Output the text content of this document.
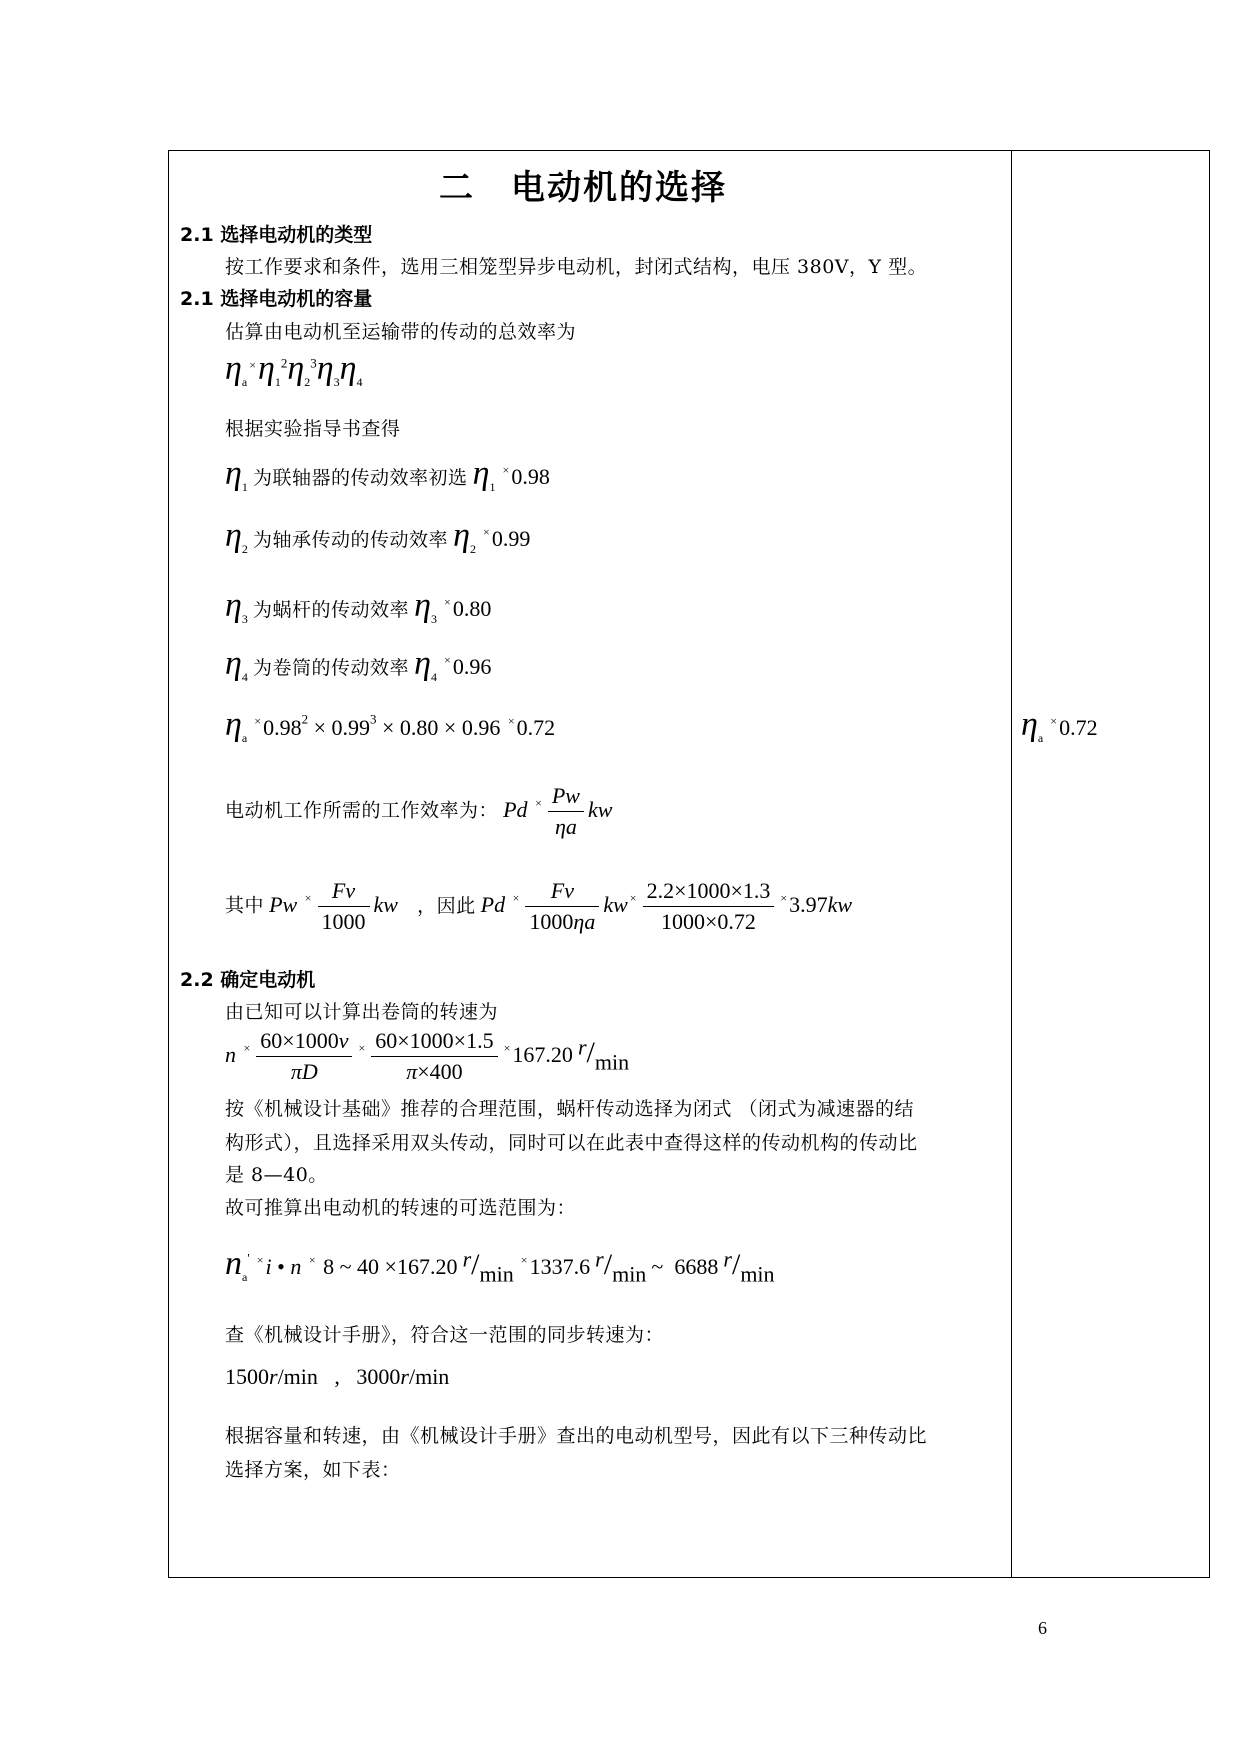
二　电动机的选择
2.1 选择电动机的类型
按工作要求和条件，选用三相笼型异步电动机，封闭式结构，电压 380V，Y 型。
2.1 选择电动机的容量
估算由电动机至运输带的传动的总效率为
$\eta_a^\times\eta_1^2\eta_2^3\eta_3\eta_4$
根据实验指导书查得
$\eta_1$ 为联轴器的传动效率初选 $\eta_1$ ×0.98
$\eta_2$ 为轴承传动的传动效率 $\eta_2$ ×0.99
$\eta_3$ 为蜗杆的传动效率 $\eta_3$ ×0.80
$\eta_4$ 为卷筒的传动效率 $\eta_4$ ×0.96
$\eta_a$ $^\times 0.98^2 \times 0.99^3 \times 0.80 \times 0.96$ ×0.72	$\eta_a$ ×0.72
电动机工作所需的工作效率为： Pd $^\times \frac{Pw}{\eta a}$ kw
其中 Pw $^\times \frac{Fv}{1000}$ kw ，因此 Pd $^\times \frac{Fv}{1000\eta a}$ kw $^\times \frac{2.2\times 1000\times 1.3}{1000\times 0.72} ^\times 3.97kw$
2.2 确定电动机
由已知可以计算出卷筒的转速为
n $^\times \frac{60\times 1000v}{\pi D} ^\times \frac{60\times 1000\times 1.5}{\pi\times 400} ^\times 167.20$ r/min
按《机械设计基础》推荐的合理范围，蜗杆传动选择为闭式 （闭式为减速器的结
构形式），且选择采用双头传动，同时可以在此表中查得这样的传动机构的传动比
是 8—40。
故可推算出电动机的转速的可选范围为：
$n_a'$ ×i • n × 8 ~ 40 ×167.20 r/min ×1337.6 r/min ~  6688 r/min
查《机械设计手册》，符合这一范围的同步转速为：
1500r/min   ,   3000r/min
根据容量和转速，由《机械设计手册》查出的电动机型号，因此有以下三种传动比
选择方案，如下表：
6
